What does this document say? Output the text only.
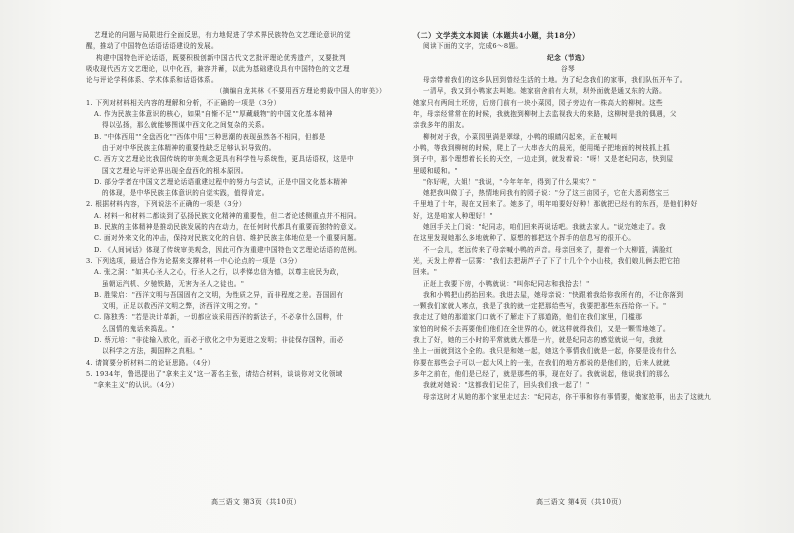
艺理论的问题与局限进行全面反思，有力地促进了学术界民族特色文艺理论意识的觉
醒，推动了中国特色话语话语建设的发展。
构建中国特色评论话语，既要积极创新中国古代文艺批评理论优秀遗产，又要批判
吸收现代西方文艺理论，以中化西，兼容并蓄，以此为基础建设具有中国特色的文艺理
论与评论学科体系、学术体系和话语体系。
（摘编自龙其林《不要用西方理论剪裁中国人的审美》）
1. 下列对材料相关内容的理解和分析，不正确的一项是（3分）
A. 作为民族主体意识的核心，如果"自惭不足""厚藏载物"的中国文化基本精神
得以弘扬，那么就能够图谋中西文化之间复杂的关系。
B. "中体西用""全盘西化""西体中用"三种思潮的表现虽然各不相同，但都是
由于对中华民族主体精神的重要性缺乏足够认识导致的。
C. 西方文艺理论比我国传统的审美观念更具有科学性与系统性，更具话语权，这是中
国文艺理论与评论界出现全盘西化的根本原因。
D. 部分学者在中国文艺理论话语重建过程中的努力与尝试，正是中国文化基本精神
的体现，是中华民族主体意识的自觉实践，值得肯定。
2. 根据材料内容，下列说法不正确的一项是（3分）
A. 材料一和材料二都谈到了弘扬民族文化精神的重要性，但二者论述侧重点并不相同。
B. 民族的主体精神是推动民族发展的内在动力，在任何时代都具有重要而独特的意义。
C. 面对外来文化的冲击，保持对民族文化的自信、维护民族主体地位是一个重要问题。
D. 《人间词话》体现了传统审美观念，因此可作为重建中国特色文艺理论话语的范例。
3. 下列选项，最适合作为论据来支撑材料一中心论点的一项是（3分）
A. 张之洞："如其心圣人之心，行圣人之行，以孝悌忠信为德，以尊主庇民为政，
虽朝运汽机、夕驰铁路，无害为圣人之徒也。"
B. 胜梁启："西洋文明与吾国固有之文明，为性质之异，而非程度之差。吾国固有
文明，正足以救西洋文明之弊，济西洋文明之穷。"
C. 陈独秀："若是决计革新，一切都应该采用西洋的新法子，不必拿什么国粹，什
么国情的鬼话来捣乱。"
D. 蔡元培："非徒输入欧化，而必于欧化之中为更进之发明；非徒保存国粹，而必
以科学之方法，揭国粹之真相。"
4. 请简要分析材料二的论证思路。（4分）
5. 1934年，鲁迅提出了"拿来主义"这一著名主张，请结合材料，谈谈你对文化领域
"拿来主义"的认识。（4分）
（二）文学类文本阅读（本题共4小题，共18分）
阅读下面的文字，完成6～8题。
纪念（节选）
谷琴
母亲带着我们的这乡队回到曾经生活的土地。为了纪念我们的家事，我们队伍开车了。
一清早，我又到小鸭家去叫她。她家宿舍前有大坝，坝外面就是通又东的大路。
她家只有两间土坯房，后房门前有一块小菜园，园子旁边有一株高大的柳树。这些
年，母亲经常常在的时候，我就抱到柳树上去监视我大的来路，这柳树是我的偶遇，父
亲我多年的朋友。
柳树对于我，小菜园里满是翠绿，小鸭的眼睛闪起来，正在喊叫
小鸭，等我到柳树的时候，爬上了一大串杏大的晨光，便用绳子把地面的树枝抓上抓
到子中，那个理想着长长的天空，一边走到，就发着说："呀！又是老纪同志，快到屋
里暖和暖和。"
"你好呢，大姐！"我说，"今年年年，得到了什么果实？"
她把我叫做丁子，热情地问我有的园子说："分了这三亩园子，它在大悉莉悠宝三
千里地了十年，现在又回来了。她多了，明年咱要好好种！那就把已经有的东西，是他们种好
好，这是咱家人种理好！"
她回手关上门说："纪同志，咱们回来再说话吧。我就去家人。"说完她走了。我
在这里发现她那么多地就种了、原想的都把这个挥手的信息写的很开心。
不一会儿，老远传来了母亲喊小鸭的声音。母亲回来了，提着一个大柳篮，满脸红
光，天发上停着一层雾："我们去把葫芦子了下了十几个个小山枝，我们娘儿俩去把它拍
回来。"
正赶上我要下房，小鸭就说："叫你纪同志和我拾去！"
我和小鸭把山药抬回来。我进去屋，她母亲说："快跟着我给你我所有的，不让你落到
一颗我们家就人寒点，我是了我的就一定把那给些写，我要把那些东西给你一下。"
我走过了她的那道家门口就不了解走下了那道路，他们在我们家里，门槛那
家怕的时候不去再要他们他们在全世界的心，就这样就得我们，又是一颗雪地她了。
我上了好，她的三小时的平常就就大都是一片，就是纪同志的感觉就说一句，我就
坐上一面就到这个全的。我只是和她一起，她这个事情我们就是一起，你要是没有什么
你要在那些会子可以一起大风上的一张，在我们的地方都说的是他们的，后来人就就
多年之前在，他们是已经了，就是那些的事，现在好了。我就说起，他说我们的那么
我就对她说："这都我们记住了，回头我们我一起了！"
母亲这时才从她的那个家里走过去："纪同志，你干事和你有事情要，俺家抢事，出去了这就九
高三语文 第3页（共10页）	高三语文 第4页（共10页）
